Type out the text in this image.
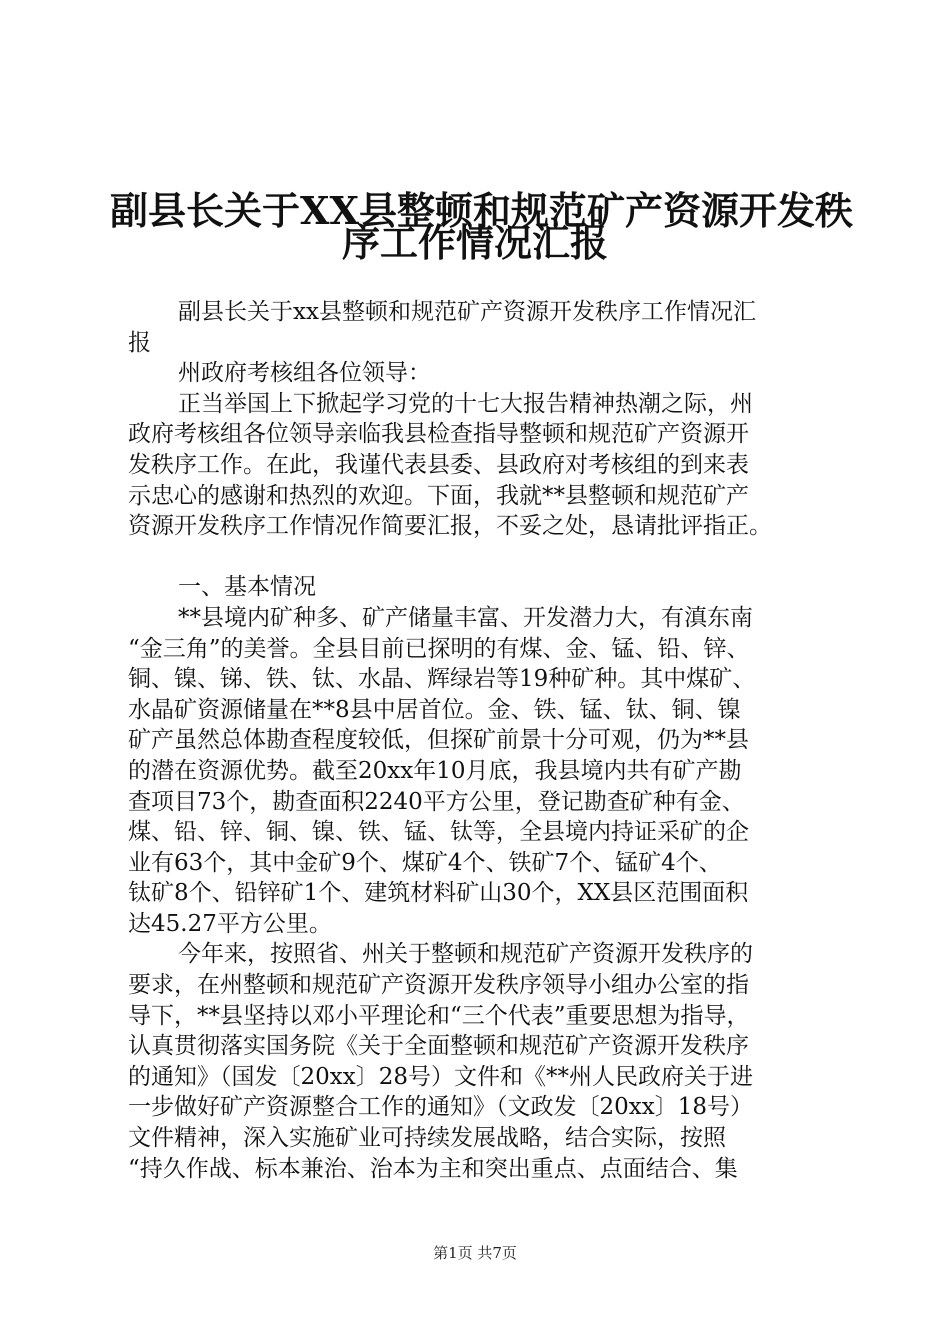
副县长关于XX县整顿和规范矿产资源开发秩
序工作情况汇报
副县长关于xx县整顿和规范矿产资源开发秩序工作情况汇
报
州政府考核组各位领导：
正当举国上下掀起学习党的十七大报告精神热潮之际，州
政府考核组各位领导亲临我县检查指导整顿和规范矿产资源开
发秩序工作。在此，我谨代表县委、县政府对考核组的到来表
示忠心的感谢和热烈的欢迎。下面，我就**县整顿和规范矿产
资源开发秩序工作情况作简要汇报，不妥之处，恳请批评指正。
一、基本情况
**县境内矿种多、矿产储量丰富、开发潜力大，有滇东南
“金三角”的美誉。全县目前已探明的有煤、金、锰、铅、锌、
铜、镍、锑、铁、钛、水晶、辉绿岩等19种矿种。其中煤矿、
水晶矿资源储量在**8县中居首位。金、铁、锰、钛、铜、镍
矿产虽然总体勘查程度较低，但探矿前景十分可观，仍为**县
的潜在资源优势。截至20xx年10月底，我县境内共有矿产勘
查项目73个，勘查面积2240平方公里，登记勘查矿种有金、
煤、铅、锌、铜、镍、铁、锰、钛等，全县境内持证采矿的企
业有63个，其中金矿9个、煤矿4个、铁矿7个、锰矿4个、
钛矿8个、铅锌矿1个、建筑材料矿山30个，XX县区范围面积
达45.27平方公里。
今年来，按照省、州关于整顿和规范矿产资源开发秩序的
要求，在州整顿和规范矿产资源开发秩序领导小组办公室的指
导下，**县坚持以邓小平理论和“三个代表”重要思想为指导，
认真贯彻落实国务院《关于全面整顿和规范矿产资源开发秩序
的通知》（国发〔20xx〕28号）文件和《**州人民政府关于进
一步做好矿产资源整合工作的通知》（文政发〔20xx〕18号）
文件精神，深入实施矿业可持续发展战略，结合实际，按照
“持久作战、标本兼治、治本为主和突出重点、点面结合、集
第1页 共7页
